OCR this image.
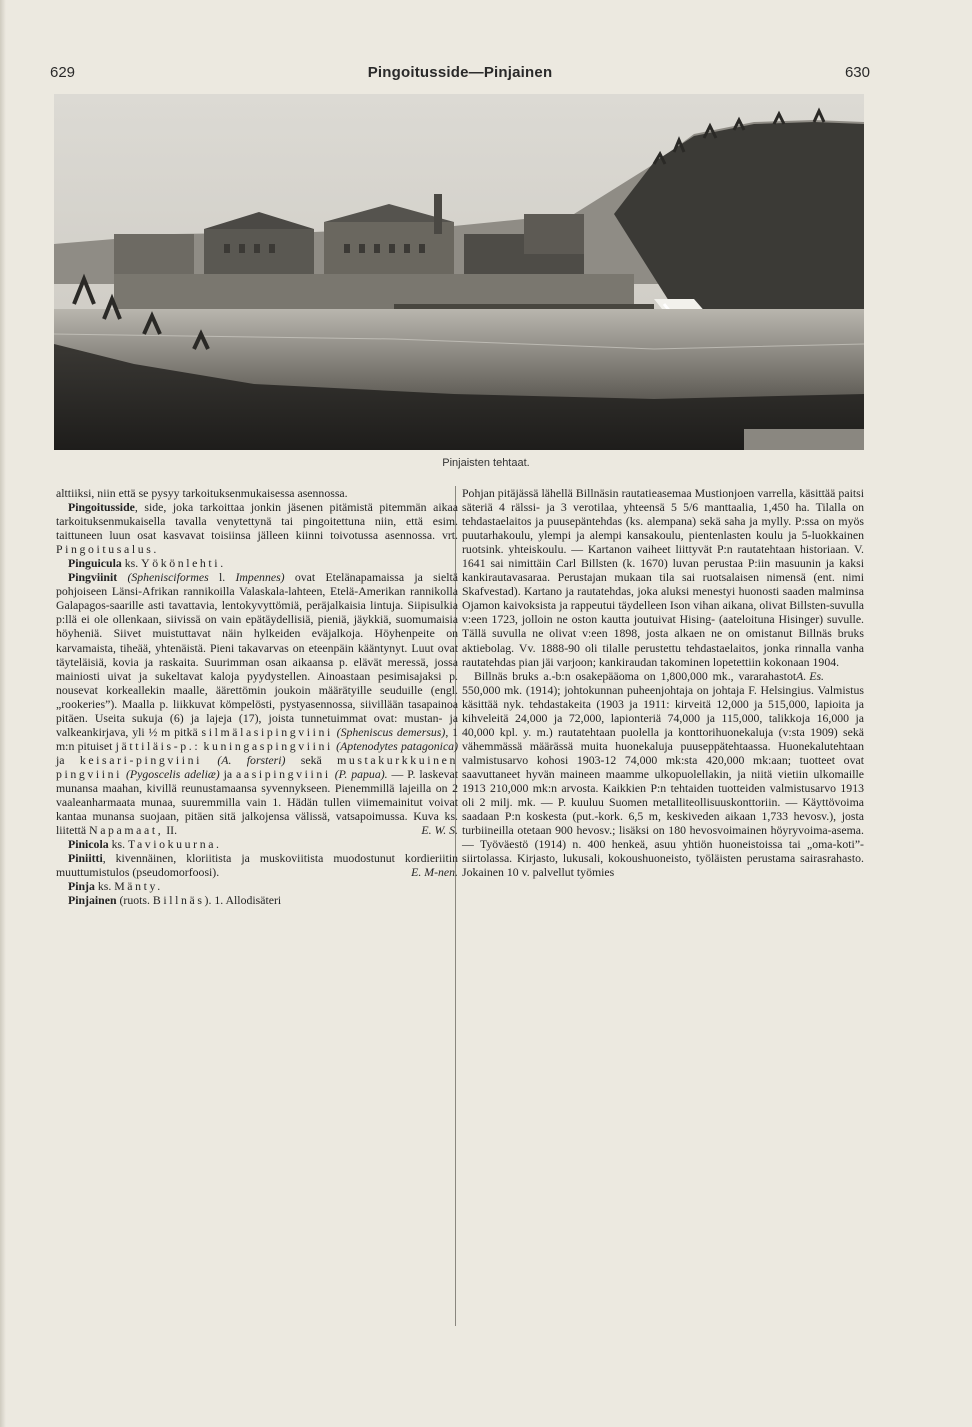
629	Pingoitusside—Pinjainen	630
Pinjaisten tehtaat.

alttiiksi, niin että se pysyy tarkoituksenmukaisessa asennossa.

Pingoitusside, side, joka tarkoittaa jonkin jäsenen pitämistä pitemmän aikaa tarkoituksenmukaisella tavalla venytettynä tai pingoitettuna niin, että esim. taittuneen luun osat kasvavat toisiinsa jälleen kiinni toivotussa asennossa. vrt. Pingoitusalus.

Pinguicula ks. Yökönlehti.

Pingviinit (Sphenisciformes l. Impennes) ovat Etelänapamaissa ja sieltä pohjoiseen Länsi-Afrikan rannikoilla Valaskala-lahteen, Etelä-Amerikan rannikolla Galapagos-saarille asti tavattavia, lentokyvyttömiä, peräjalkaisia lintuja. Siipisulkia p:llä ei ole ollenkaan, siivissä on vain epätäydellisiä, pieniä, jäykkiä, suomumaisia höyheniä. Siivet muistuttavat näin hylkeiden eväjalkoja. Höyhenpeite on karvamaista, tiheää, yhtenäistä. Pieni takavarvas on eteenpäin kääntynyt. Luut ovat täyteläisiä, kovia ja raskaita. Suurimman osan aikaansa p. elävät meressä, jossa mainiosti uivat ja sukeltavat kaloja pyydystellen. Ainoastaan pesimisajaksi p. nousevat korkeallekin maalle, äärettömin joukoin määrätyille seuduille (engl. „rookeries”). Maalla p. liikkuvat kömpelösti, pystyasennossa, siivillään tasapainoa pitäen. Useita sukuja (6) ja lajeja (17), joista tunnetuimmat ovat: mustan- ja valkeankirjava, yli ½ m pitkä silmälasipingviini (Spheniscus demersus), 1 m:n pituiset jättiläis-p.: kuningaspingviini (Aptenodytes patagonica) ja keisari-pingviini (A. forsteri) sekä mustakurkkuinen pingviini (Pygoscelis adeliæ) ja aasipingviini (P. papua). — P. laskevat munansa maahan, kivillä reunustamaansa syvennykseen. Pienemmillä lajeilla on 2 vaaleanharmaata munaa, suuremmilla vain 1. Hädän tullen viimemainitut voivat kantaa munansa suojaan, pitäen sitä jalkojensa välissä, vatsapoimussa. Kuva ks. liitettä Napamaat, II.	E. W. S.

Pinicola ks. Taviokuurna.

Piniitti, kivennäinen, kloriitista ja muskoviitista muodostunut kordieriitin muuttumistulos (pseudomorfoosi).	E. M-nen.

Pinja ks. Mänty.

Pinjainen (ruots. Billnäs). 1. Allodisäteri

Pohjan pitäjässä lähellä Billnäsin rautatieasemaa Mustionjoen varrella, käsittää paitsi säteriä 4 rälssi- ja 3 verotilaa, yhteensä 5 5/6 manttaalia, 1,450 ha. Tilalla on tehdastaelaitos ja puusepäntehdas (ks. alempana) sekä saha ja mylly. P:ssa on myös puutarhakoulu, ylempi ja alempi kansakoulu, pientenlasten koulu ja 5-luokkainen ruotsink. yhteiskoulu. — Kartanon vaiheet liittyvät P:n rautatehtaan historiaan. V. 1641 sai nimittäin Carl Billsten (k. 1670) luvan perustaa P:iin masuunin ja kaksi kankirautavasaraa. Perustajan mukaan tila sai ruotsalaisen nimensä (ent. nimi Skafvestad). Kartano ja rautatehdas, joka aluksi menestyi huonosti saaden malminsa Ojamon kaivoksista ja rappeutui täydelleen Ison vihan aikana, olivat Billsten-suvulla v:een 1723, jolloin ne oston kautta joutuivat Hising- (aateloituna Hisinger) suvulle. Tällä suvulla ne olivat v:een 1898, josta alkaen ne on omistanut Billnäs bruks aktiebolag. Vv. 1888-90 oli tilalle perustettu tehdastaelaitos, jonka rinnalla vanha rautatehdas pian jäi varjoon; kankiraudan takominen lopetettiin kokonaan 1904.
A. Es.

Billnäs bruks a.-b:n osakepääoma on 1,800,000 mk., vararahastot 550,000 mk. (1914); johtokunnan puheenjohtaja on johtaja F. Helsingius. Valmistus käsittää nyk. tehdastakeita (1903 ja 1911: kirveitä 12,000 ja 515,000, lapioita ja kihveleitä 24,000 ja 72,000, lapionteriä 74,000 ja 115,000, talikkoja 16,000 ja 40,000 kpl. y. m.) rautatehtaan puolella ja konttorihuonekaluja (v:sta 1909) sekä vähemmässä määrässä muita huonekaluja puuseppätehtaassa. Huonekalutehtaan valmistusarvo kohosi 1903-12 74,000 mk:sta 420,000 mk:aan; tuotteet ovat saavuttaneet hyvän maineen maamme ulkopuolellakin, ja niitä vietiin ulkomaille 1913 210,000 mk:n arvosta. Kaikkien P:n tehtaiden tuotteiden valmistusarvo 1913 oli 2 milj. mk. — P. kuuluu Suomen metalliteollisuuskonttoriin. — Käyttövoima saadaan P:n koskesta (put.-kork. 6,5 m, keskiveden aikaan 1,733 hevosv.), josta turbiineilla otetaan 900 hevosv.; lisäksi on 180 hevosvoimainen höyryvoima-asema. — Työväestö (1914) n. 400 henkeä, asuu yhtiön huoneistoissa tai „oma-koti”-siirtolassa. Kirjasto, lukusali, kokoushuoneisto, työläisten perustama sairasrahasto. Jokainen 10 v. palvellut työmies
